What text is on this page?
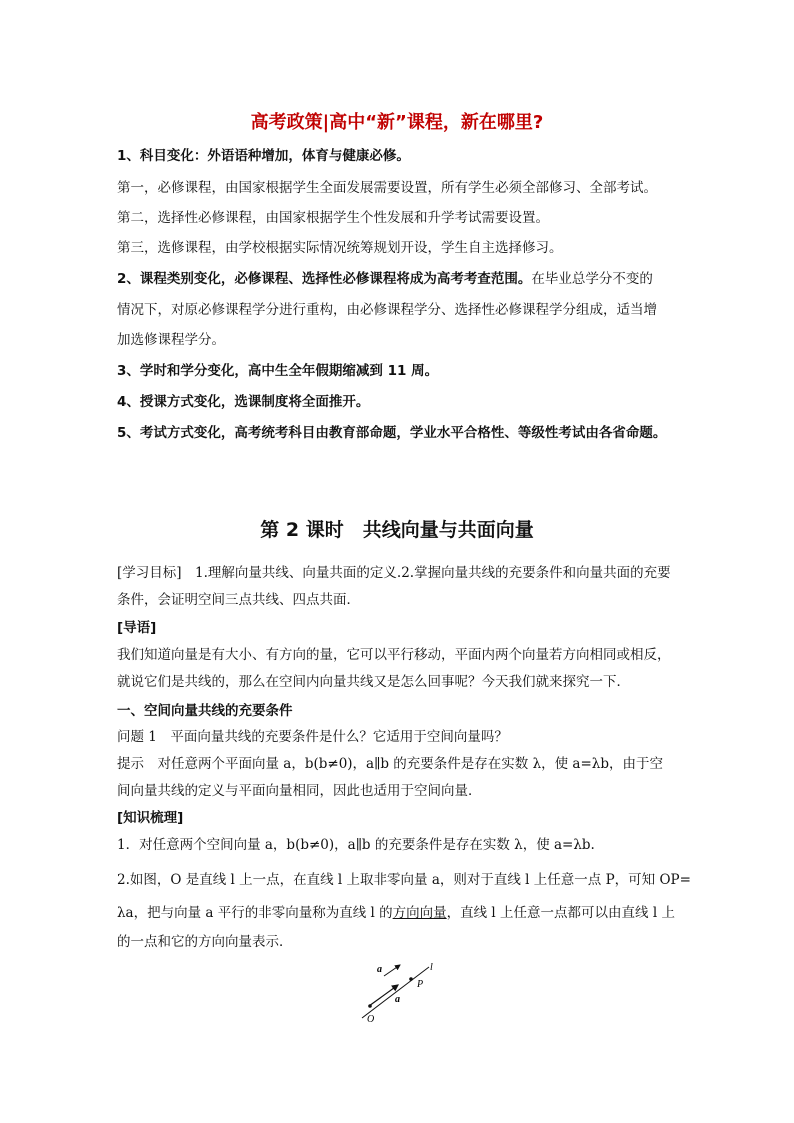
高考政策|高中“新”课程，新在哪里?
1、科目变化：外语语种增加，体育与健康必修。
第一，必修课程，由国家根据学生全面发展需要设置，所有学生必须全部修习、全部考试。
第二，选择性必修课程，由国家根据学生个性发展和升学考试需要设置。
第三，选修课程，由学校根据实际情况统筹规划开设，学生自主选择修习。
2、课程类别变化，必修课程、选择性必修课程将成为高考考查范围。在毕业总学分不变的
情况下，对原必修课程学分进行重构，由必修课程学分、选择性必修课程学分组成，适当增
加选修课程学分。
3、学时和学分变化，高中生全年假期缩减到 11 周。
4、授课方式变化，选课制度将全面推开。
5、考试方式变化，高考统考科目由教育部命题，学业水平合格性、等级性考试由各省命题。
第 2 课时　共线向量与共面向量
[学习目标]　1.理解向量共线、向量共面的定义.2.掌握向量共线的充要条件和向量共面的充要
条件，会证明空间三点共线、四点共面．
[导语]
我们知道向量是有大小、有方向的量，它可以平行移动，平面内两个向量若方向相同或相反，
就说它们是共线的，那么在空间内向量共线又是怎么回事呢？今天我们就来探究一下．
一、空间向量共线的充要条件
问题 1　平面向量共线的充要条件是什么？它适用于空间向量吗？
提示　对任意两个平面向量 a，b(b≠0)，a∥b 的充要条件是存在实数 λ，使 a=λb，由于空
间向量共线的定义与平面向量相同，因此也适用于空间向量．
[知识梳理]
1．对任意两个空间向量 a，b(b≠0)，a∥b 的充要条件是存在实数 λ，使 a=λb.
2.如图，O 是直线 l 上一点，在直线 l 上取非零向量 a，则对于直线 l 上任意一点 P，可知 OP=
λa，把与向量 a 平行的非零向量称为直线 l 的方向向量，直线 l 上任意一点都可以由直线 l 上
的一点和它的方向向量表示．
a	l
P
a
O
